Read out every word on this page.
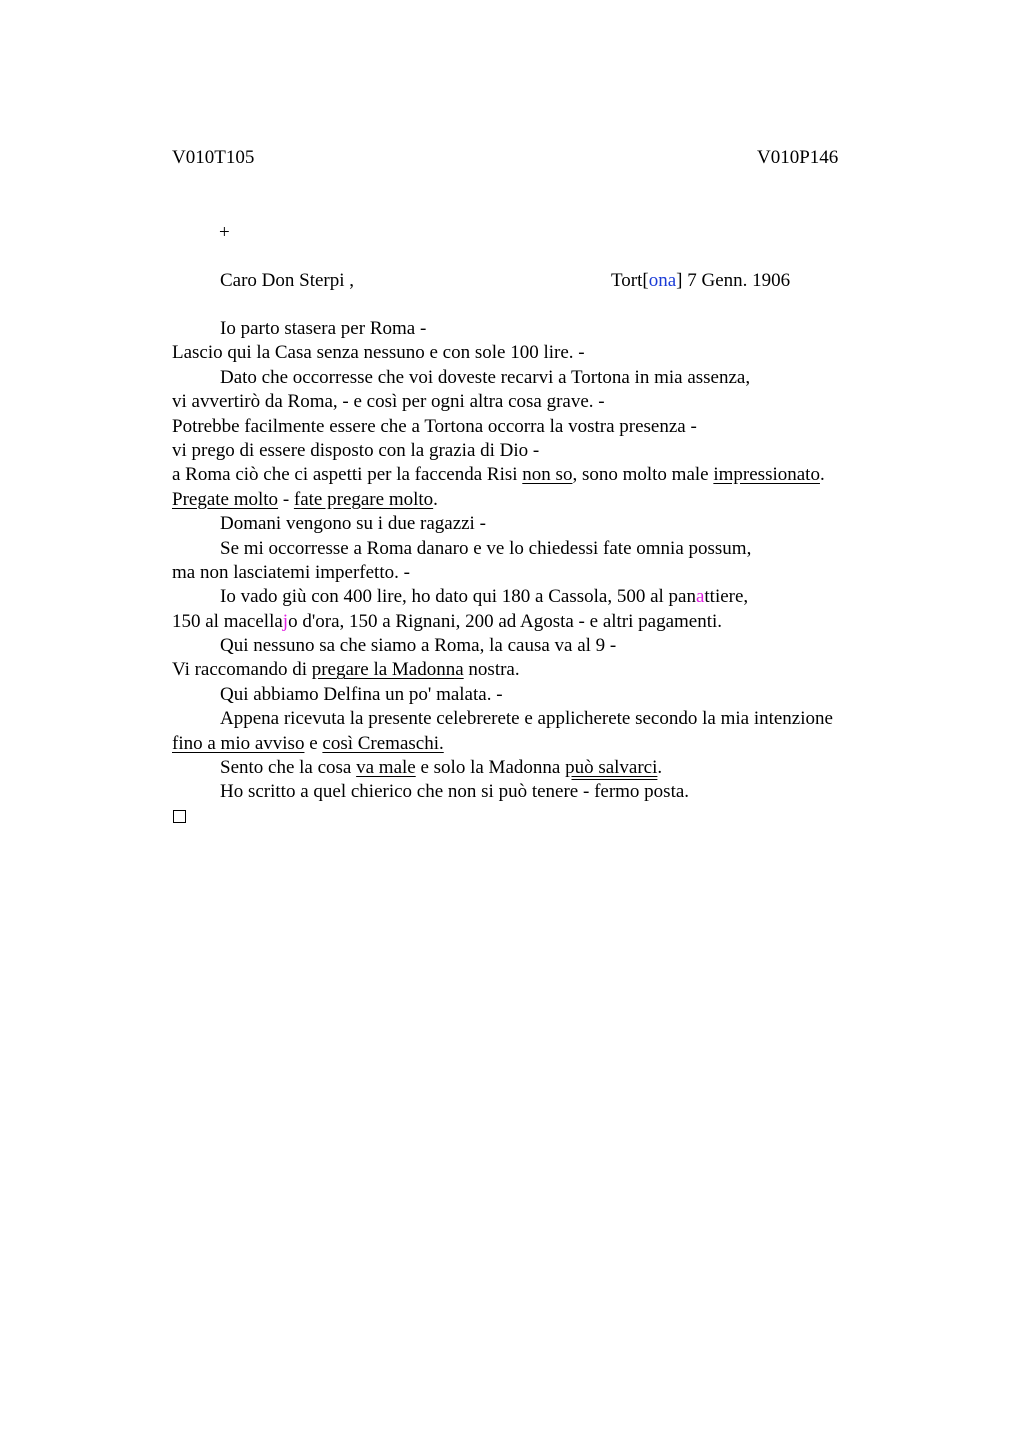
V010T105	V010P146
+
Caro Don Sterpi ,	Tort[ona] 7 Genn. 1906
Io parto stasera per Roma -
Lascio qui la Casa senza nessuno e con sole 100 lire. -
Dato che occorresse che voi doveste recarvi a Tortona in mia assenza,
vi avvertirò da Roma, - e così per ogni altra cosa grave. -
Potrebbe facilmente essere che a Tortona occorra la vostra presenza -
vi prego di essere disposto con la grazia di Dio -
a Roma ciò che ci aspetti per la faccenda Risi non so, sono molto male impressionato.
Pregate molto - fate pregare molto.
Domani vengono su i due ragazzi -
Se mi occorresse a Roma danaro e ve lo chiedessi fate omnia possum,
ma non lasciatemi imperfetto. -
Io vado giù con 400 lire, ho dato qui 180 a Cassola, 500 al panattiere,
150 al macellajo d'ora, 150 a Rignani, 200 ad Agosta - e altri pagamenti.
Qui nessuno sa che siamo a Roma, la causa va al 9 -
Vi raccomando di pregare la Madonna nostra.
Qui abbiamo Delfina un po' malata. -
Appena ricevuta la presente celebrerete e applicherete secondo la mia intenzione
fino a mio avviso e così Cremaschi.
Sento che la cosa va male e solo la Madonna può salvarci.
Ho scritto a quel chierico che non si può tenere - fermo posta.
